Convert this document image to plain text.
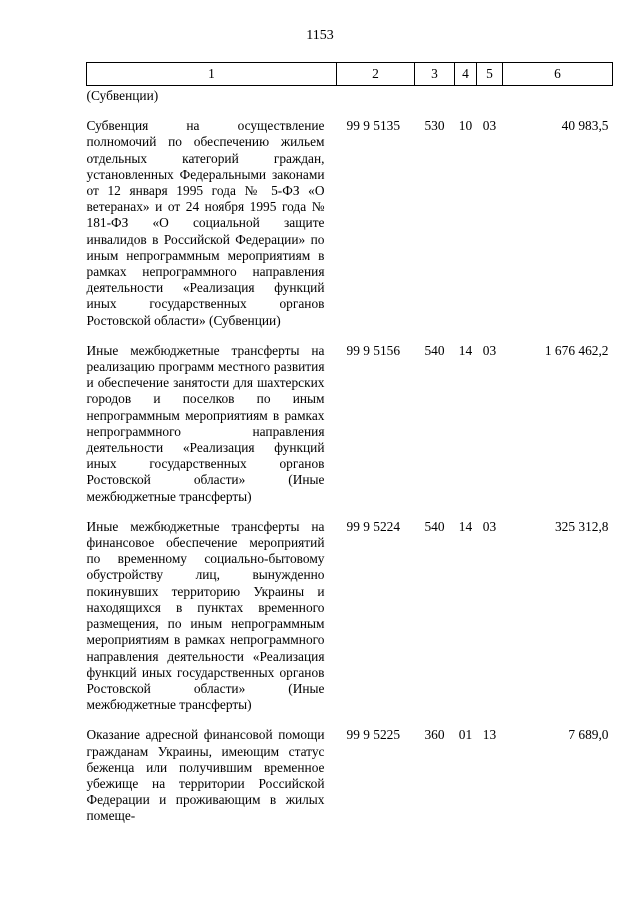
1153
1	2	3	4	5	6
(Субвенции)					
Субвенция на осуществление полномочий по обеспечению жильем отдельных категорий граждан, установленных Федеральными законами от 12 января 1995 года № 5-ФЗ «О ветеранах» и от 24 ноября 1995 года № 181-ФЗ «О социальной защите инвалидов в Российской Федерации» по иным непрограммным мероприятиям в рамках непрограммного направления деятельности «Реализация функций иных государственных органов Ростовской области» (Субвенции)	99 9 5135	530	10	03	40 983,5
Иные межбюджетные трансферты на реализацию программ местного развития и обеспечение занятости для шахтерских городов и поселков по иным непрограммным мероприятиям в рамках непрограммного направления деятельности «Реализация функций иных государственных органов Ростовской области» (Иные межбюджетные трансферты)	99 9 5156	540	14	03	1 676 462,2
Иные межбюджетные трансферты на финансовое обеспечение мероприятий по временному социально-бытовому обустройству лиц, вынужденно покинувших территорию Украины и находящихся в пунктах временного размещения, по иным непрограммным мероприятиям в рамках непрограммного направления деятельности «Реализация функций иных государственных органов Ростовской области» (Иные межбюджетные трансферты)	99 9 5224	540	14	03	325 312,8
Оказание адресной финансовой помощи гражданам Украины, имеющим статус беженца или получившим временное убежище на территории Российской Федерации и проживающим в жилых помеще-	99 9 5225	360	01	13	7 689,0
